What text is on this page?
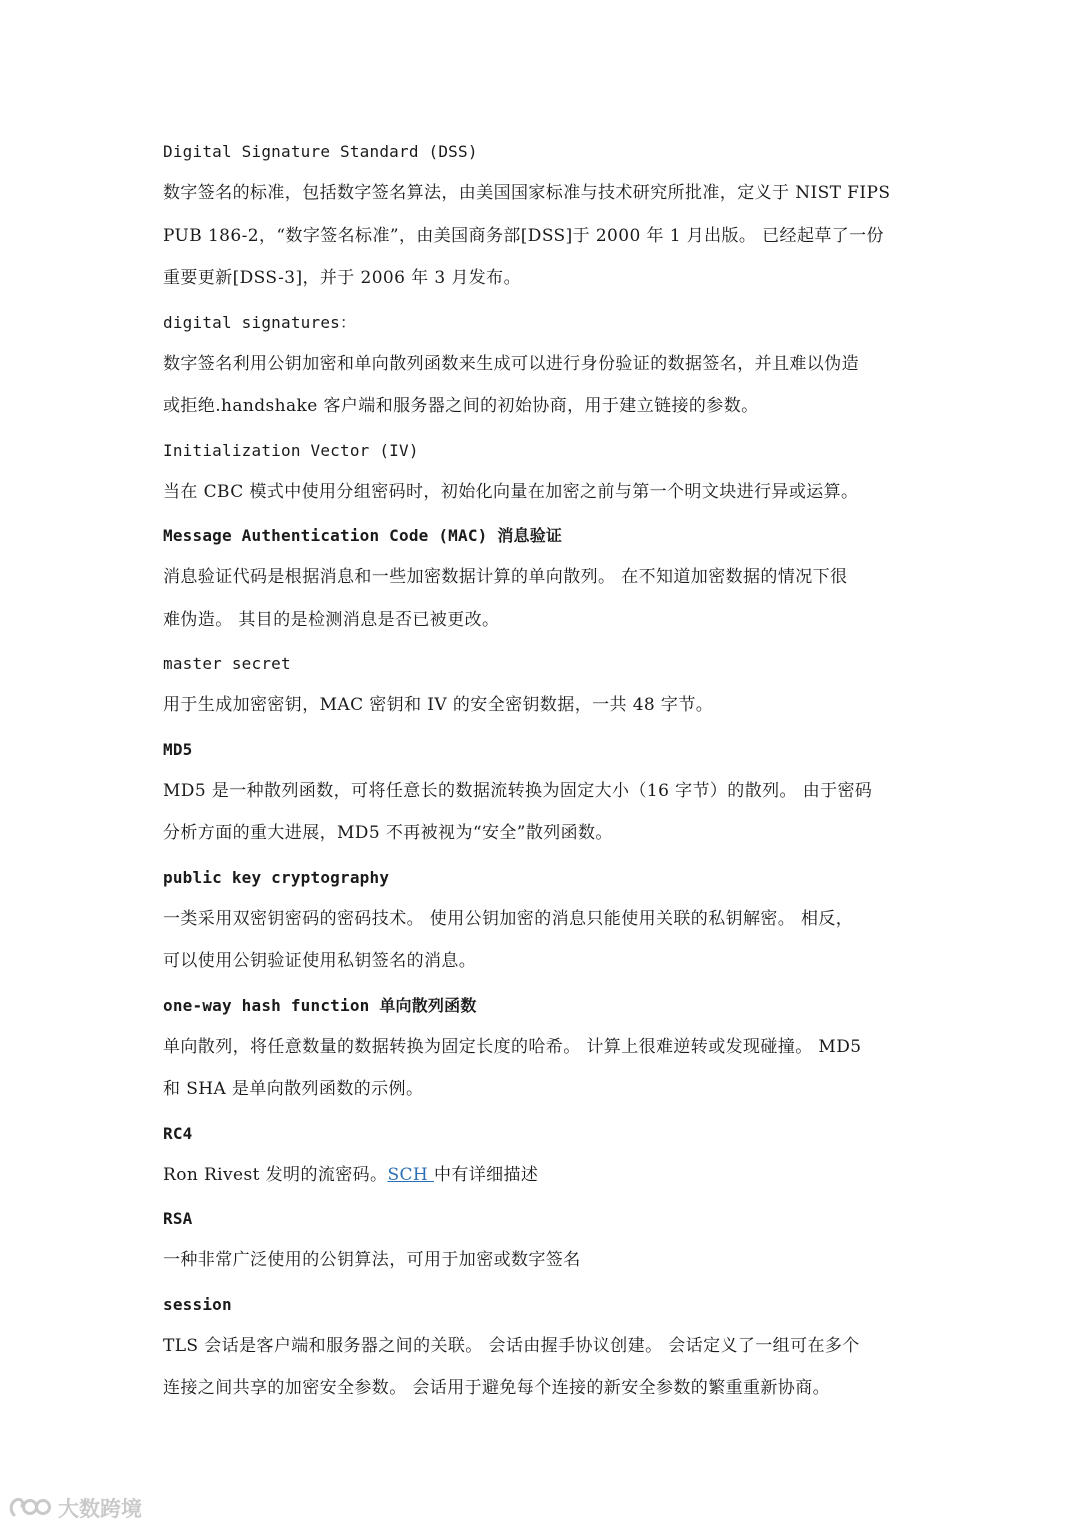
Digital Signature Standard (DSS)

数字签名的标准，包括数字签名算法，由美国国家标准与技术研究所批准，定义于 NIST FIPS

PUB 186-2，“数字签名标准”，由美国商务部[DSS]于 2000 年 1 月出版。 已经起草了一份

重要更新[DSS-3]，并于 2006 年 3 月发布。

digital signatures：

数字签名利用公钥加密和单向散列函数来生成可以进行身份验证的数据签名，并且难以伪造

或拒绝.handshake 客户端和服务器之间的初始协商，用于建立链接的参数。

Initialization Vector (IV)

当在 CBC 模式中使用分组密码时，初始化向量在加密之前与第一个明文块进行异或运算。

Message Authentication Code (MAC) 消息验证

消息验证代码是根据消息和一些加密数据计算的单向散列。 在不知道加密数据的情况下很

难伪造。 其目的是检测消息是否已被更改。

master secret

用于生成加密密钥，MAC 密钥和 IV 的安全密钥数据，一共 48 字节。

MD5

MD5 是一种散列函数，可将任意长的数据流转换为固定大小（16 字节）的散列。 由于密码

分析方面的重大进展，MD5 不再被视为“安全”散列函数。

public key cryptography

一类采用双密钥密码的密码技术。 使用公钥加密的消息只能使用关联的私钥解密。 相反，

可以使用公钥验证使用私钥签名的消息。

one-way hash function 单向散列函数

单向散列，将任意数量的数据转换为固定长度的哈希。 计算上很难逆转或发现碰撞。 MD5

和 SHA 是单向散列函数的示例。

RC4

Ron Rivest 发明的流密码。SCH 中有详细描述

RSA

一种非常广泛使用的公钥算法，可用于加密或数字签名

session

TLS 会话是客户端和服务器之间的关联。 会话由握手协议创建。 会话定义了一组可在多个

连接之间共享的加密安全参数。 会话用于避免每个连接的新安全参数的繁重重新协商。

大数跨境
